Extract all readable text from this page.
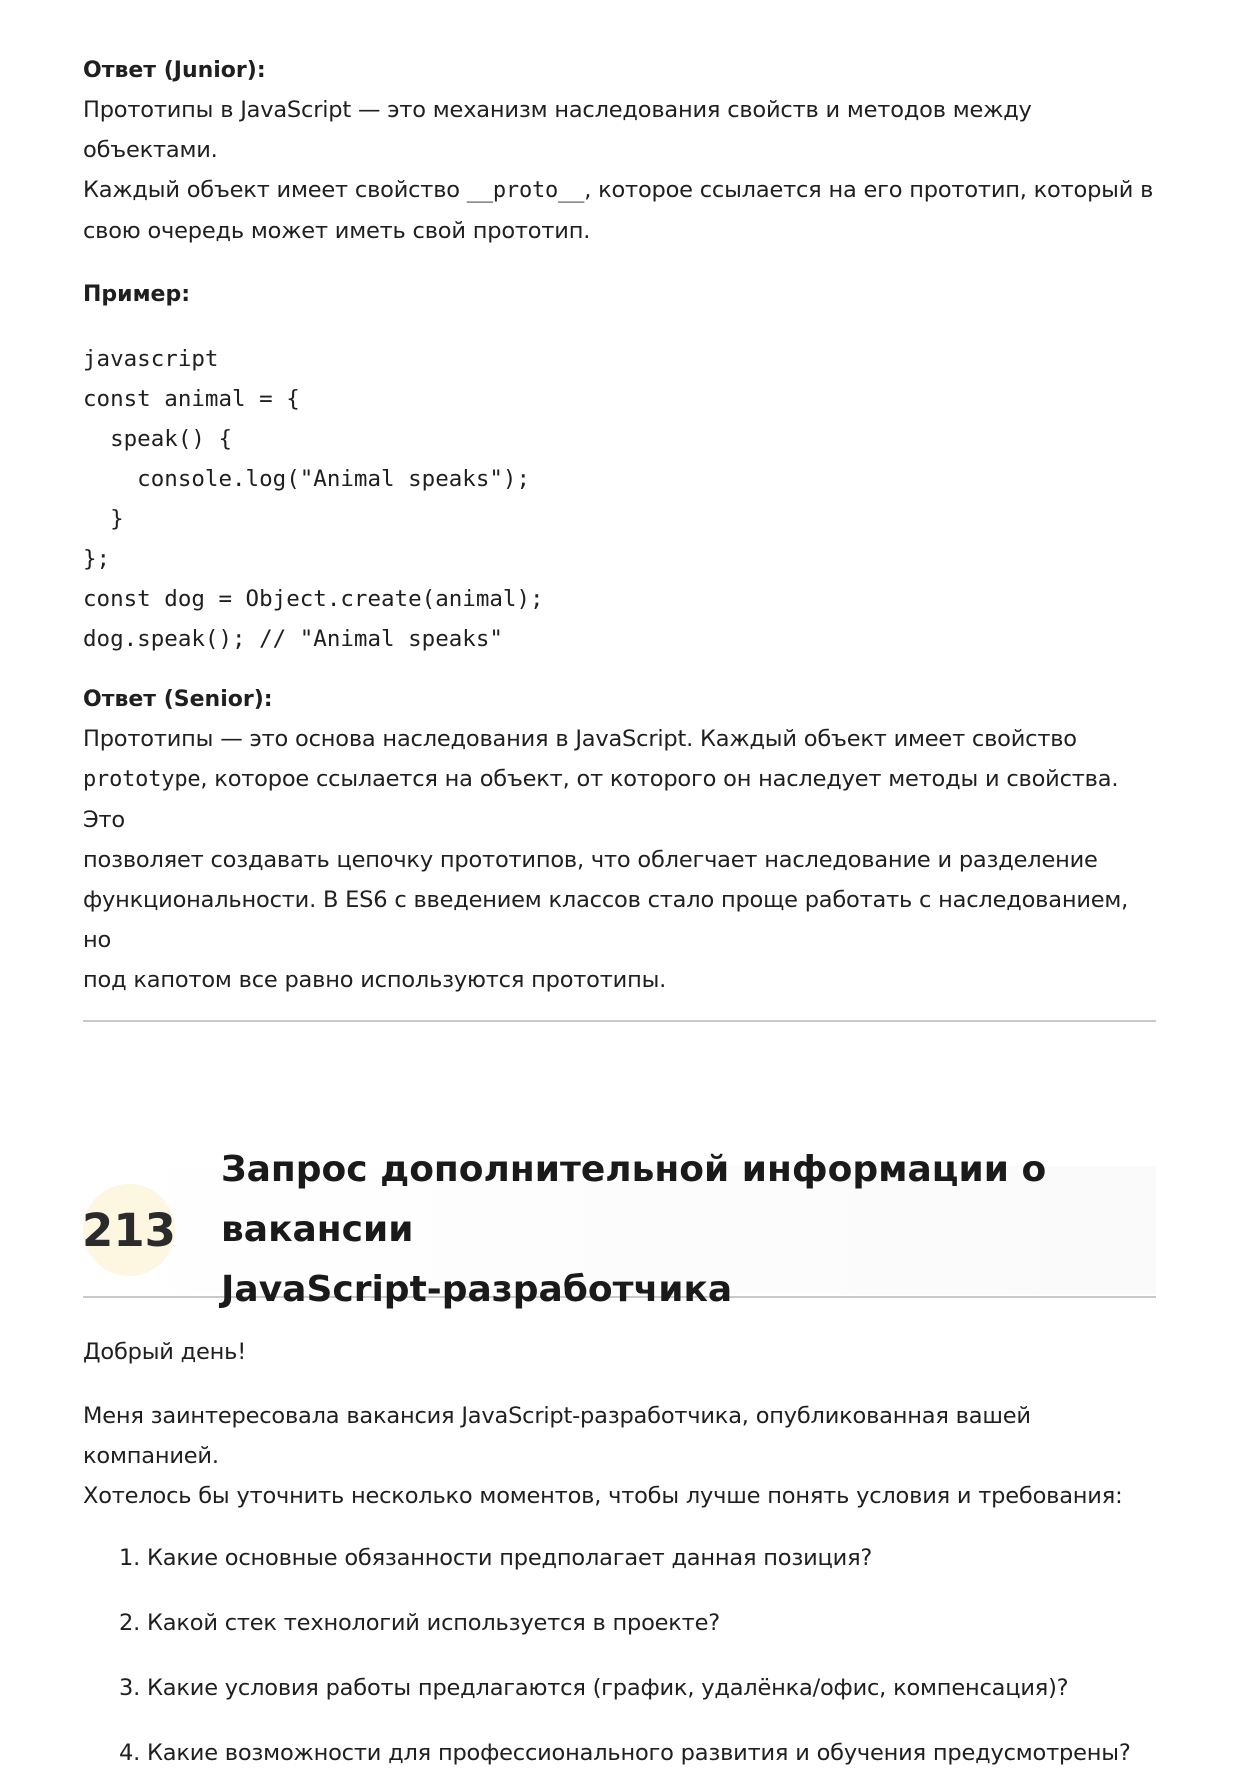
Ответ (Junior):

Прототипы в JavaScript — это механизм наследования свойств и методов между объектами.
Каждый объект имеет свойство __proto__, которое ссылается на его прототип, который в
свою очередь может иметь свой прототип.

Пример:

javascript
const animal = {
speak() {
console.log("Animal speaks");
}
};
const dog = Object.create(animal);
dog.speak(); // "Animal speaks"

Ответ (Senior):

Прототипы — это основа наследования в JavaScript. Каждый объект имеет свойство
prototype, которое ссылается на объект, от которого он наследует методы и свойства. Это
позволяет создавать цепочку прототипов, что облегчает наследование и разделение
функциональности. В ES6 с введением классов стало проще работать с наследованием, но
под капотом все равно используются прототипы.

213
Запрос дополнительной информации о вакансии
JavaScript-разработчика

Добрый день!

Меня заинтересовала вакансия JavaScript-разработчика, опубликованная вашей компанией.
Хотелось бы уточнить несколько моментов, чтобы лучше понять условия и требования:

1. Какие основные обязанности предполагает данная позиция?
2. Какой стек технологий используется в проекте?
3. Какие условия работы предлагаются (график, удалёнка/офис, компенсация)?
4. Какие возможности для профессионального развития и обучения предусмотрены?
